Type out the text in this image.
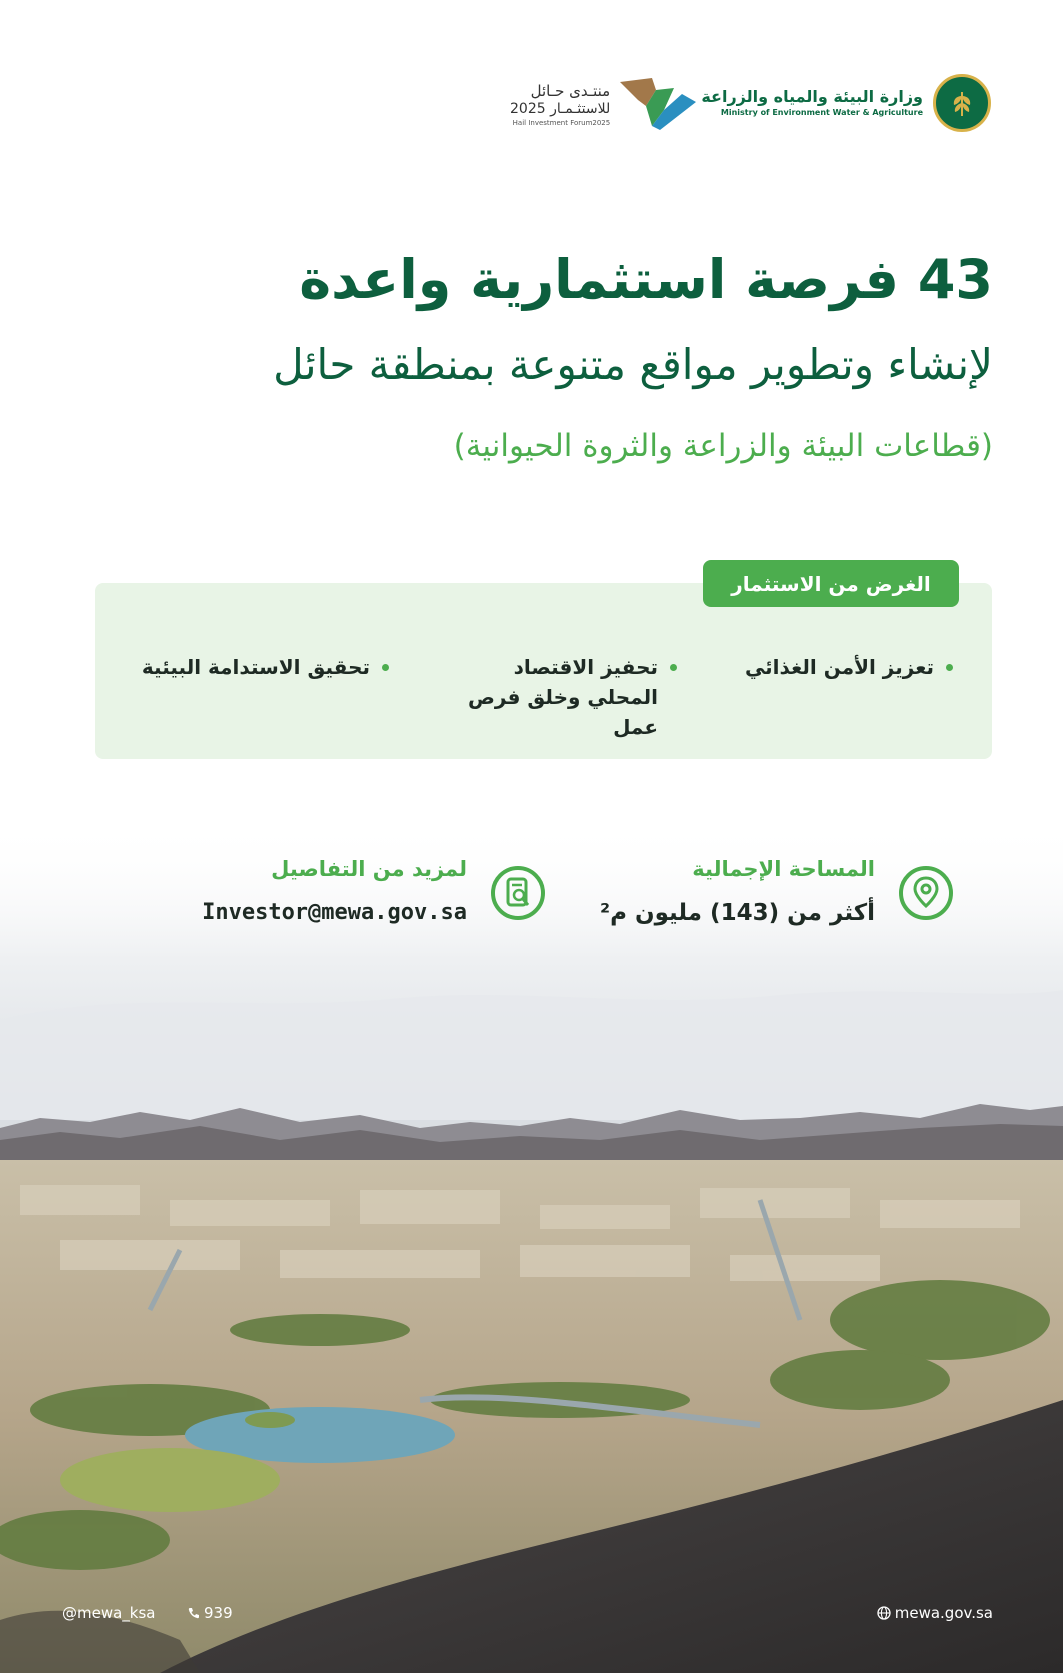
وزارة البيئة والمياه والزراعة
Ministry of Environment Water & Agriculture
منتـدى حـائل
للاستثـمـار 2025
Hail Investment Forum2025
43 فرصة استثمارية واعدة
لإنشاء وتطوير مواقع متنوعة بمنطقة حائل
(قطاعات البيئة والزراعة والثروة الحيوانية)
الغرض من الاستثمار
تعزيز الأمن الغذائي
تحفيز الاقتصاد المحلي وخلق فرص عمل
تحقيق الاستدامة البيئية
المساحة الإجمالية
أكثر من (143) مليون م²
لمزيد من التفاصيل
Investor@mewa.gov.sa
@mewa_ksa	939	mewa.gov.sa
